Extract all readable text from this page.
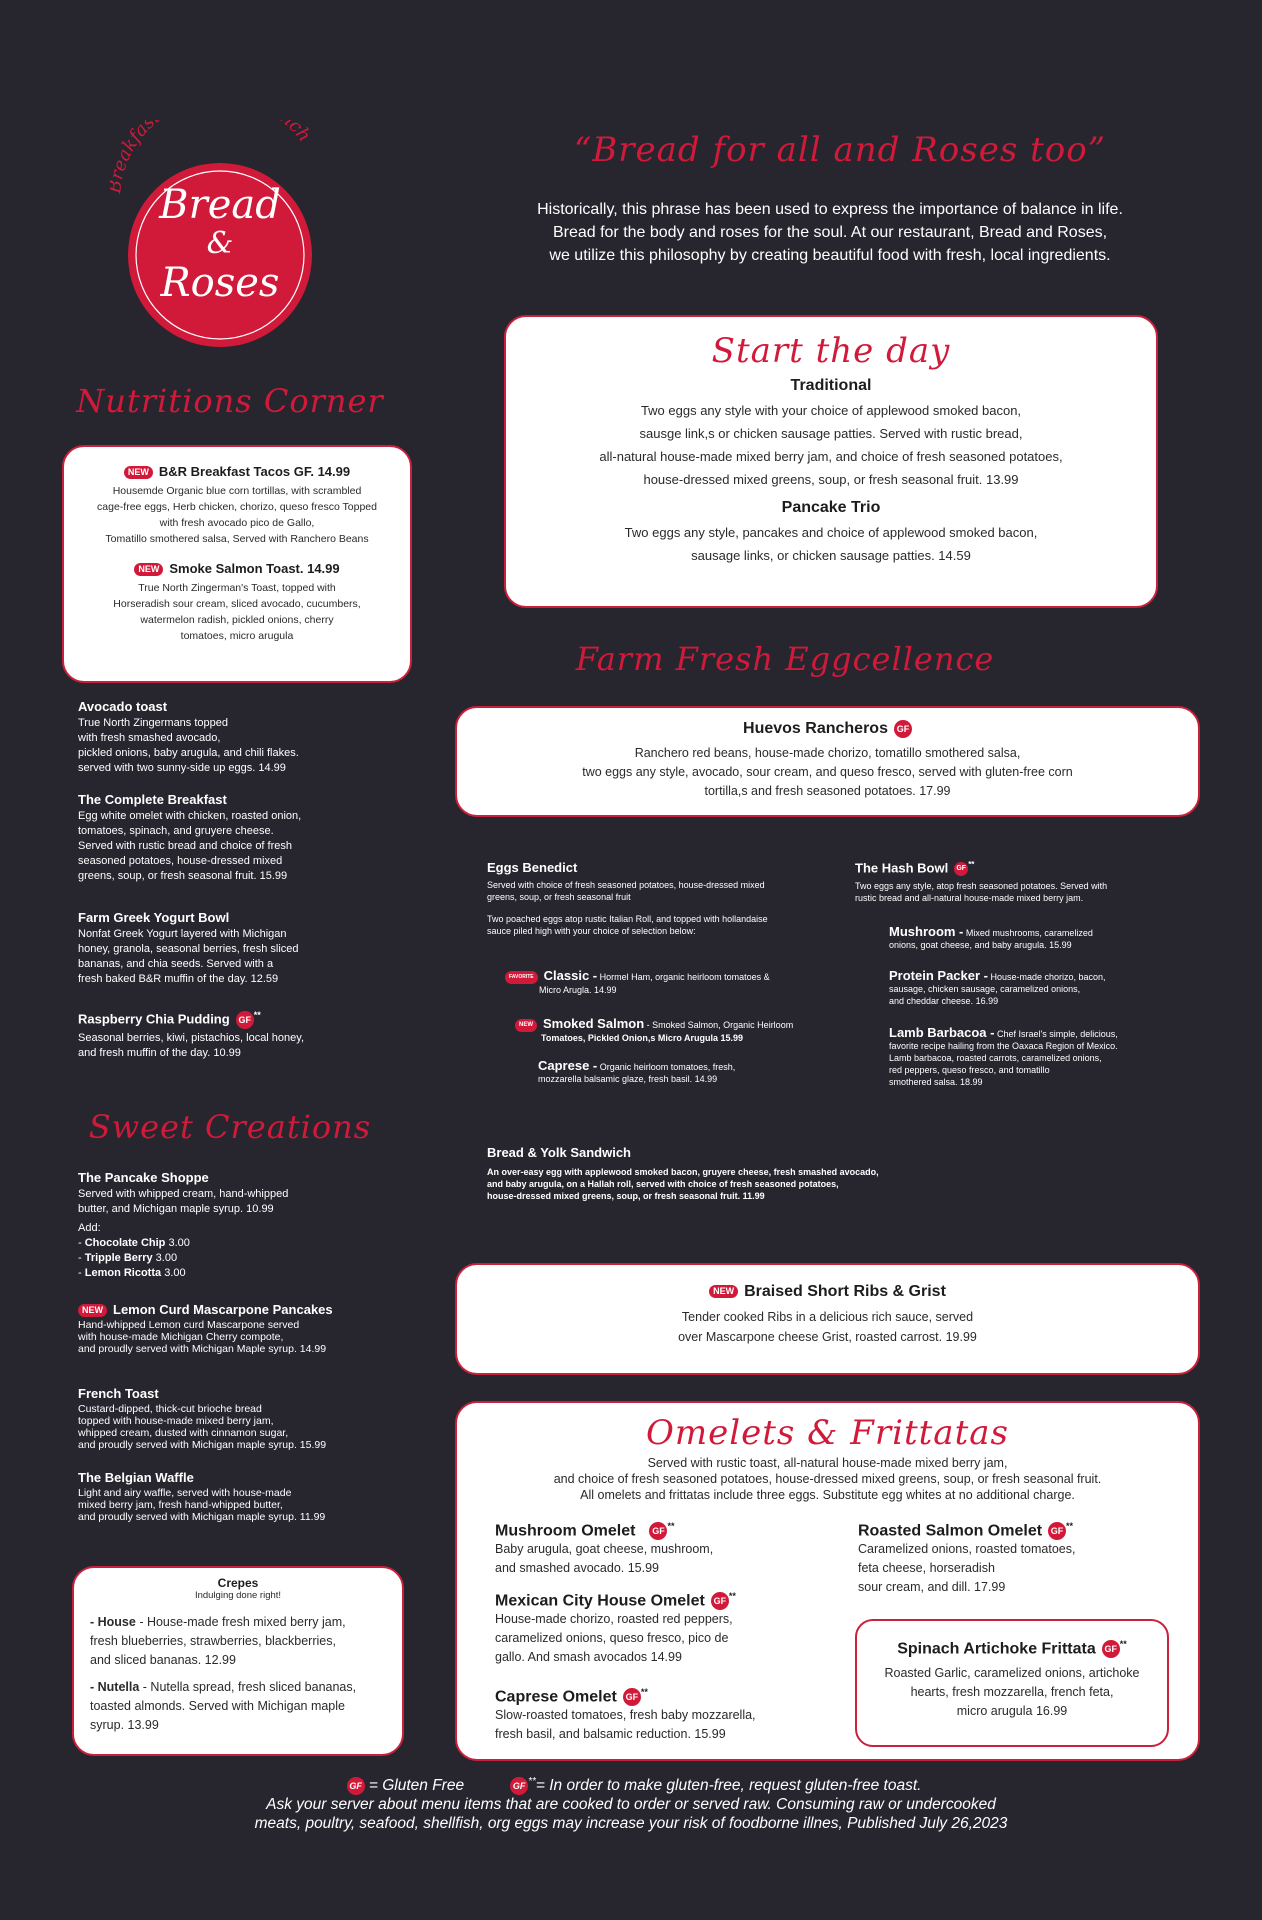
eakfas ch
Bread
&
Roses
“Bread for all and Roses too”
Historically, this phrase has been used to express the importance of balance in life.
Bread for the body and roses for the soul. At our restaurant, Bread and Roses,
we utilize this philosophy by creating beautiful food with fresh, local ingredients.
Start the day
Traditional
Two eggs any style with your choice of applewood smoked bacon,
sausge link,s or chicken sausage patties. Served with rustic bread,
all-natural house-made mixed berry jam, and choice of fresh seasoned potatoes,
house-dressed mixed greens, soup, or fresh seasonal fruit. 13.99
Pancake Trio
Two eggs any style, pancakes and choice of applewood smoked bacon,
sausage links, or chicken sausage patties. 14.59
Nutritions Corner
NEW B&R Breakfast Tacos GF. 14.99
Housemde Organic blue corn tortillas, with scrambled
cage-free eggs, Herb chicken, chorizo, queso fresco Topped
with fresh avocado pico de Gallo,
Tomatillo smothered salsa, Served with Ranchero Beans
NEW Smoke Salmon Toast. 14.99
True North Zingerman's Toast, topped with
Horseradish sour cream, sliced avocado, cucumbers,
watermelon radish, pickled onions, cherry
tomatoes, micro arugula
Avocado toast
True North Zingermans topped
with fresh smashed avocado,
pickled onions, baby arugula, and chili flakes.
served with two sunny-side up eggs. 14.99
The Complete Breakfast
Egg white omelet with chicken, roasted onion,
tomatoes, spinach, and gruyere cheese.
Served with rustic bread and choice of fresh
seasoned potatoes, house-dressed mixed
greens, soup, or fresh seasonal fruit. 15.99
Farm Greek Yogurt Bowl
Nonfat Greek Yogurt layered with Michigan
honey, granola, seasonal berries, fresh sliced
bananas, and chia seeds. Served with a
fresh baked B&R muffin of the day. 12.59
Raspberry Chia Pudding GF **
Seasonal berries, kiwi, pistachios, local honey,
and fresh muffin of the day. 10.99
Sweet Creations
The Pancake Shoppe
Served with whipped cream, hand-whipped
butter, and Michigan maple syrup. 10.99
Add:
- Chocolate Chip 3.00
- Tripple Berry 3.00
- Lemon Ricotta 3.00
NEW Lemon Curd Mascarpone Pancakes
Hand-whipped Lemon curd Mascarpone served
with house-made Michigan Cherry compote,
and proudly served with Michigan Maple syrup. 14.99
French Toast
Custard-dipped, thick-cut brioche bread
topped with house-made mixed berry jam,
whipped cream, dusted with cinnamon sugar,
and proudly served with Michigan maple syrup. 15.99
The Belgian Waffle
Light and airy waffle, served with house-made
mixed berry jam, fresh hand-whipped butter,
and proudly served with Michigan maple syrup. 11.99
Crepes
Indulging done right!
- House - House-made fresh mixed berry jam,
fresh blueberries, strawberries, blackberries,
and sliced bananas. 12.99
- Nutella - Nutella spread, fresh sliced bananas,
toasted almonds. Served with Michigan maple
syrup. 13.99
Farm Fresh Eggcellence
Huevos Rancheros GF
Ranchero red beans, house-made chorizo, tomatillo smothered salsa,
two eggs any style, avocado, sour cream, and queso fresco, served with gluten-free corn
tortilla,s and fresh seasoned potatoes. 17.99
Eggs Benedict
Served with choice of fresh seasoned potatoes, house-dressed mixed
greens, soup, or fresh seasonal fruit
Two poached eggs atop rustic Italian Roll, and topped with hollandaise
sauce piled high with your choice of selection below:
FAVORITE Classic - Hormel Ham, organic heirloom tomatoes &
Micro Arugla. 14.99
NEW Smoked Salmon - Smoked Salmon, Organic Heirloom
Tomatoes, Pickled Onion,s Micro Arugula 15.99
Caprese - Organic heirloom tomatoes, fresh,
mozzarella balsamic glaze, fresh basil. 14.99
The Hash Bowl GF **
Two eggs any style, atop fresh seasoned potatoes. Served with
rustic bread and all-natural house-made mixed berry jam.
Mushroom - Mixed mushrooms, caramelized
onions, goat cheese, and baby arugula. 15.99
Protein Packer - House-made chorizo, bacon,
sausage, chicken sausage, caramelized onions,
and cheddar cheese. 16.99
Lamb Barbacoa - Chef Israel's simple, delicious,
favorite recipe hailing from the Oaxaca Region of Mexico.
Lamb barbacoa, roasted carrots, caramelized onions,
red peppers, queso fresco, and tomatillo
smothered salsa. 18.99
Bread & Yolk Sandwich
An over-easy egg with applewood smoked bacon, gruyere cheese, fresh smashed avocado,
and baby arugula, on a Hallah roll, served with choice of fresh seasoned potatoes,
house-dressed mixed greens, soup, or fresh seasonal fruit. 11.99
NEW Braised Short Ribs & Grist
Tender cooked Ribs in a delicious rich sauce, served
over Mascarpone cheese Grist, roasted carrost. 19.99
Omelets & Frittatas
Served with rustic toast, all-natural house-made mixed berry jam,
and choice of fresh seasoned potatoes, house-dressed mixed greens, soup, or fresh seasonal fruit.
All omelets and frittatas include three eggs. Substitute egg whites at no additional charge.
Mushroom Omelet GF**
Baby arugula, goat cheese, mushroom,
and smashed avocado. 15.99
Mexican City House Omelet GF**
House-made chorizo, roasted red peppers,
caramelized onions, queso fresco, pico de
gallo. And smash avocados 14.99
Caprese Omelet GF**
Slow-roasted tomatoes, fresh baby mozzarella,
fresh basil, and balsamic reduction. 15.99
Roasted Salmon Omelet GF**
Caramelized onions, roasted tomatoes,
feta cheese, horseradish
sour cream, and dill. 17.99
Spinach Artichoke Frittata GF**
Roasted Garlic, caramelized onions, artichoke
hearts, fresh mozzarella, french feta,
micro arugula 16.99
GF = Gluten Free	GF **= In order to make gluten-free, request gluten-free toast.
Ask your server about menu items that are cooked to order or served raw. Consuming raw or undercooked
meats, poultry, seafood, shellfish, org eggs may increase your risk of foodborne illnes, Published July 26,2023
